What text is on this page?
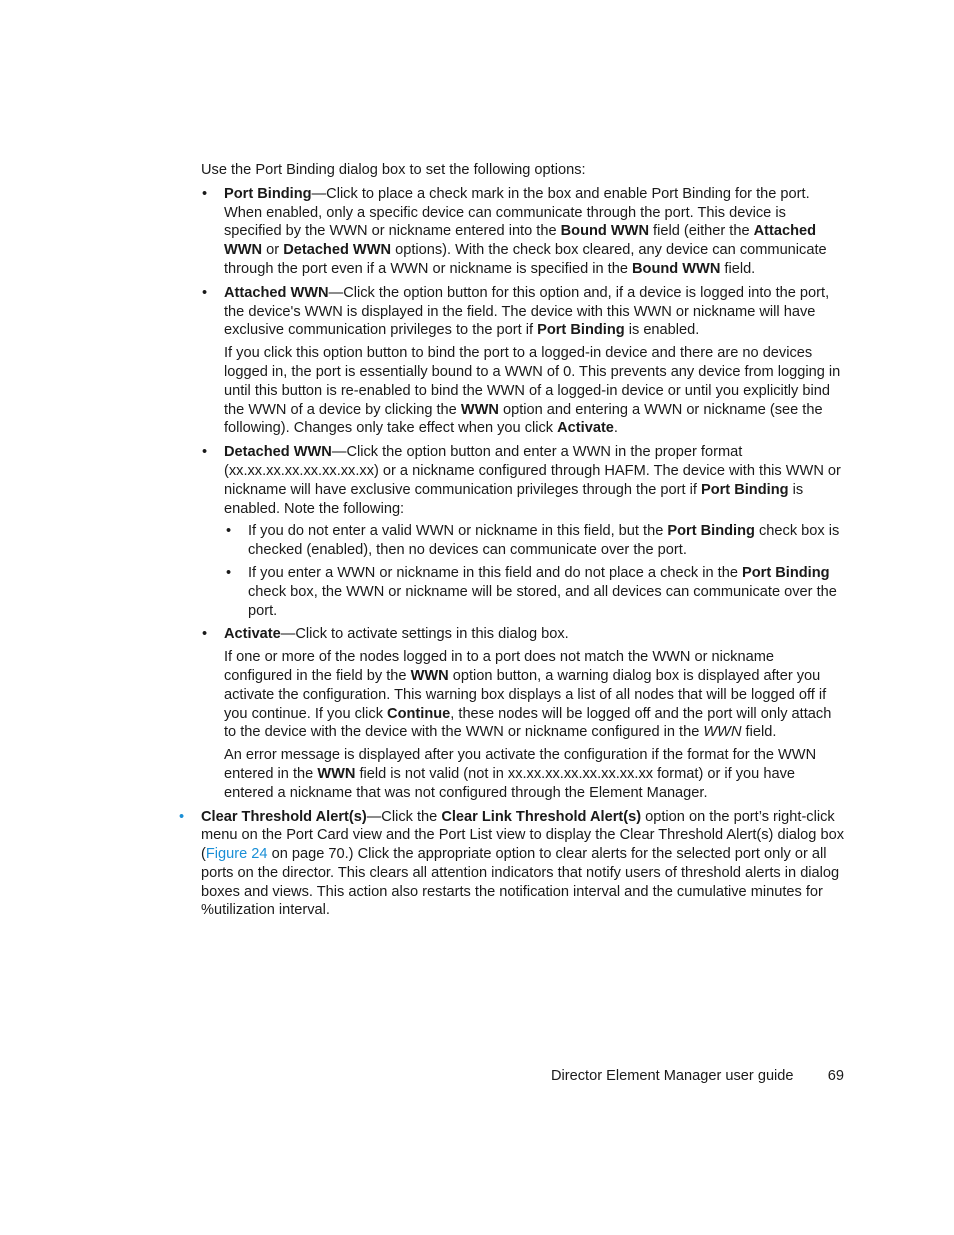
Use the Port Binding dialog box to set the following options:

• Port Binding—Click to place a check mark in the box and enable Port Binding for the port. When enabled, only a specific device can communicate through the port. This device is specified by the WWN or nickname entered into the Bound WWN field (either the Attached WWN or Detached WWN options). With the check box cleared, any device can communicate through the port even if a WWN or nickname is specified in the Bound WWN field.

• Attached WWN—Click the option button for this option and, if a device is logged into the port, the device's WWN is displayed in the field. The device with this WWN or nickname will have exclusive communication privileges to the port if Port Binding is enabled.

If you click this option button to bind the port to a logged-in device and there are no devices logged in, the port is essentially bound to a WWN of 0. This prevents any device from logging in until this button is re-enabled to bind the WWN of a logged-in device or until you explicitly bind the WWN of a device by clicking the WWN option and entering a WWN or nickname (see the following). Changes only take effect when you click Activate.

• Detached WWN—Click the option button and enter a WWN in the proper format (xx.xx.xx.xx.xx.xx.xx.xx) or a nickname configured through HAFM. The device with this WWN or nickname will have exclusive communication privileges through the port if Port Binding is enabled. Note the following:

• If you do not enter a valid WWN or nickname in this field, but the Port Binding check box is checked (enabled), then no devices can communicate over the port.
• If you enter a WWN or nickname in this field and do not place a check in the Port Binding check box, the WWN or nickname will be stored, and all devices can communicate over the port.

• Activate—Click to activate settings in this dialog box.

If one or more of the nodes logged in to a port does not match the WWN or nickname configured in the field by the WWN option button, a warning dialog box is displayed after you activate the configuration. This warning box displays a list of all nodes that will be logged off if you continue. If you click Continue, these nodes will be logged off and the port will only attach to the device with the device with the WWN or nickname configured in the WWN field.

An error message is displayed after you activate the configuration if the format for the WWN entered in the WWN field is not valid (not in xx.xx.xx.xx.xx.xx.xx.xx format) or if you have entered a nickname that was not configured through the Element Manager.

• Clear Threshold Alert(s)—Click the Clear Link Threshold Alert(s) option on the port’s right-click menu on the Port Card view and the Port List view to display the Clear Threshold Alert(s) dialog box (Figure 24 on page 70.) Click the appropriate option to clear alerts for the selected port only or all ports on the director. This clears all attention indicators that notify users of threshold alerts in dialog boxes and views. This action also restarts the notification interval and the cumulative minutes for %utilization interval.
Director Element Manager user guide 69
